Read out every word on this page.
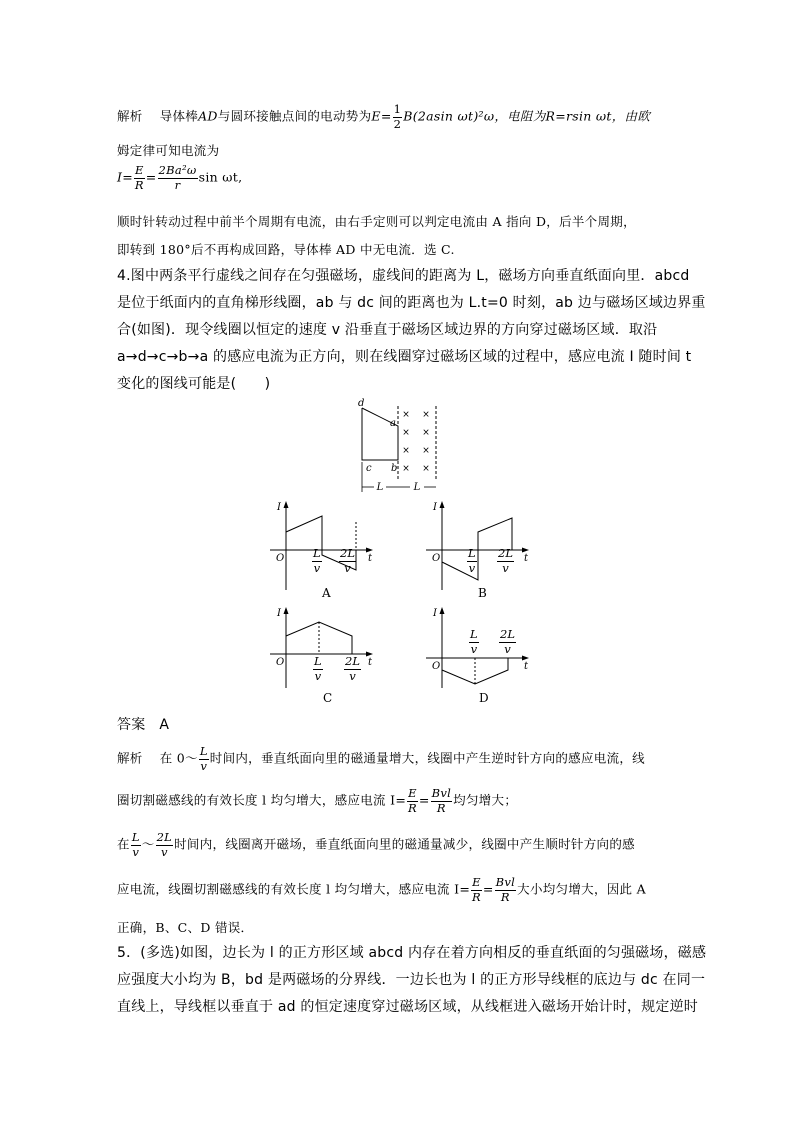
解析 导体棒AD与圆环接触点间的电动势为$E= \frac{1}{2} B(2asin$ ωt)²ω，电阻为R=rsin ωt，由欧
姆定律可知电流为
$I= \frac{E}{R} = \frac{\text{2Ba²ω}}{r}$ sin ωt,
顺时针转动过程中前半个周期有电流，由右手定则可以判定电流由 A 指向 D，后半个周期，
即转到 180°后不再构成回路，导体棒 AD 中无电流．选 C.
4.图中两条平行虚线之间存在匀强磁场，虚线间的距离为 L，磁场方向垂直纸面向里．abcd
是位于纸面内的直角梯形线圈，ab 与 dc 间的距离也为 L.t=0 时刻，ab 边与磁场区域边界重
合(如图)．现令线圈以恒定的速度 v 沿垂直于磁场区域边界的方向穿过磁场区域．取沿
a→d→c→b→a 的感应电流为正方向，则在线圈穿过磁场区域的过程中，感应电流 I 随时间 t
变化的图线可能是(　　)
× ×
× ×
× ×
× ×
d
a
c b
L	L
I
t
O $\frac{L}{v} \frac{2L}{v}$
A
I
t
O $\frac{L}{v} \frac{2L}{v}$
B
I
t
O	$\frac{L}{v} \frac{2L}{v}$
C
I
t
O
$\frac{L}{v} \frac{2L}{v}$
D
答案 A
解析 在 0～ $\frac{L}{v}$ 时间内，垂直纸面向里的磁通量增大，线圈中产生逆时针方向的感应电流，线
圈切割磁感线的有效长度 l 均匀增大，感应电流 $I= \frac{E}{R} = \frac{\text{Bvl}}{R}$ 均匀增大；
在 $\frac{L}{v}$ ～ $\frac{2L}{v}$ 时间内，线圈离开磁场，垂直纸面向里的磁通量减少，线圈中产生顺时针方向的感
应电流，线圈切割磁感线的有效长度 l 均匀增大，感应电流 $I= \frac{E}{R} = \frac{\text{Bvl}}{R}$ 大小均匀增大，因此 A
正确，B、C、D 错误．
5．(多选)如图，边长为 l 的正方形区域 abcd 内存在着方向相反的垂直纸面的匀强磁场，磁感
应强度大小均为 B，bd 是两磁场的分界线．一边长也为 l 的正方形导线框的底边与 dc 在同一
直线上，导线框以垂直于 ad 的恒定速度穿过磁场区域，从线框进入磁场开始计时，规定逆时
